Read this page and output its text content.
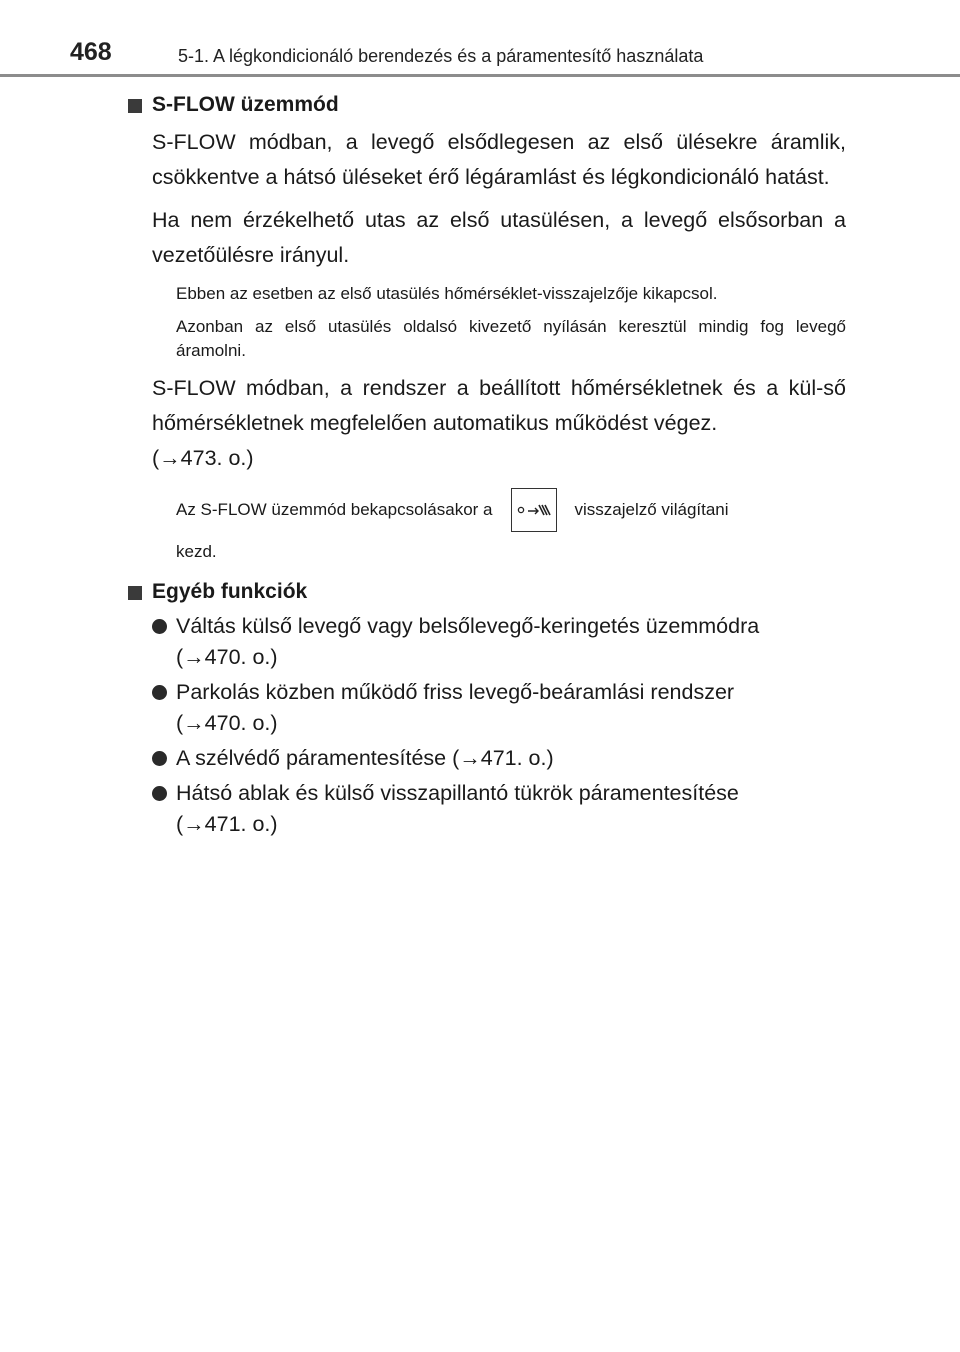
468	5-1. A légkondicionáló berendezés és a páramentesítő használata
S-FLOW üzemmód

S-FLOW módban, a levegő elsődlegesen az első ülésekre áramlik, csökkentve a hátsó üléseket érő légáramlást és légkondicionáló hatást.

Ha nem érzékelhető utas az első utasülésen, a levegő elsősorban a vezetőülésre irányul.

Ebben az esetben az első utasülés hőmérséklet-visszajelzője kikapcsol.

Azonban az első utasülés oldalsó kivezető nyílásán keresztül mindig fog levegő áramolni.

S-FLOW módban, a rendszer a beállított hőmérsékletnek és a kül-ső hőmérsékletnek megfelelően automatikus működést végez.
(→473. o.)

Az S-FLOW üzemmód bekapcsolásakor a	visszajelző világítani
kezd.
Egyéb funkciók
Váltás külső levegő vagy belsőlevegő-keringetés üzemmódra
(→470. o.)
Parkolás közben működő friss levegő-beáramlási rendszer
(→470. o.)
A szélvédő páramentesítése (→471. o.)
Hátsó ablak és külső visszapillantó tükrök páramentesítése
(→471. o.)
